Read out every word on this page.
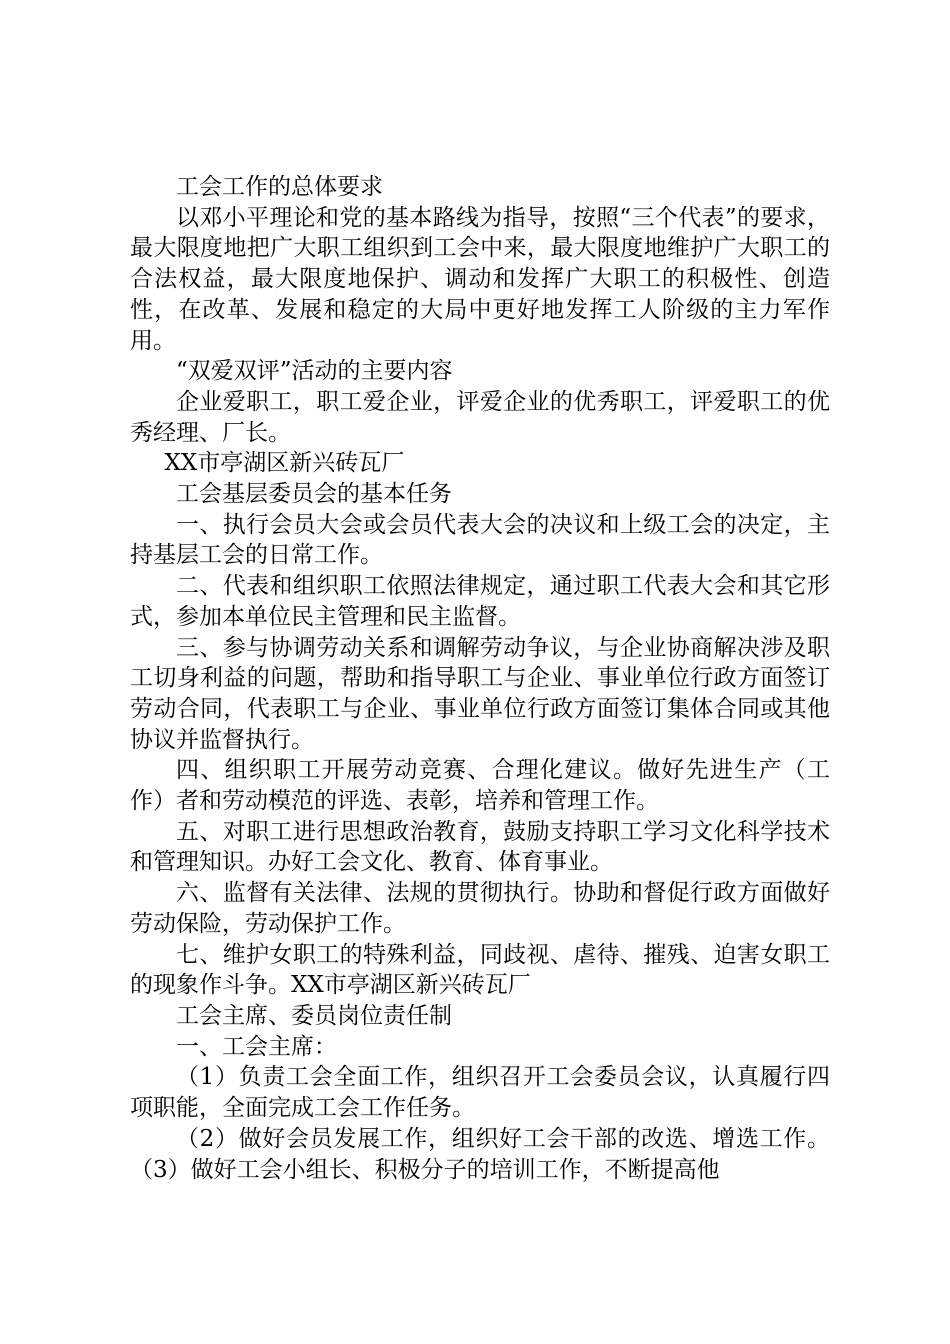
工会工作的总体要求

以邓小平理论和党的基本路线为指导，按照“三个代表”的要求，最大限度地把广大职工组织到工会中来，最大限度地维护广大职工的合法权益，最大限度地保护、调动和发挥广大职工的积极性、创造性，在改革、发展和稳定的大局中更好地发挥工人阶级的主力军作用。

“双爱双评”活动的主要内容

企业爱职工，职工爱企业，评爱企业的优秀职工，评爱职工的优秀经理、厂长。

XX市亭湖区新兴砖瓦厂

工会基层委员会的基本任务

一、执行会员大会或会员代表大会的决议和上级工会的决定，主持基层工会的日常工作。

二、代表和组织职工依照法律规定，通过职工代表大会和其它形式，参加本单位民主管理和民主监督。

三、参与协调劳动关系和调解劳动争议，与企业协商解决涉及职工切身利益的问题，帮助和指导职工与企业、事业单位行政方面签订劳动合同，代表职工与企业、事业单位行政方面签订集体合同或其他协议并监督执行。

四、组织职工开展劳动竞赛、合理化建议。做好先进生产（工作）者和劳动模范的评选、表彰，培养和管理工作。

五、对职工进行思想政治教育，鼓励支持职工学习文化科学技术和管理知识。办好工会文化、教育、体育事业。

六、监督有关法律、法规的贯彻执行。协助和督促行政方面做好劳动保险，劳动保护工作。

七、维护女职工的特殊利益，同歧视、虐待、摧残、迫害女职工的现象作斗争。XX市亭湖区新兴砖瓦厂

工会主席、委员岗位责任制

一、工会主席：

（1）负责工会全面工作，组织召开工会委员会议，认真履行四项职能，全面完成工会工作任务。

（2）做好会员发展工作，组织好工会干部的改选、增选工作。（3）做好工会小组长、积极分子的培训工作，不断提高他
